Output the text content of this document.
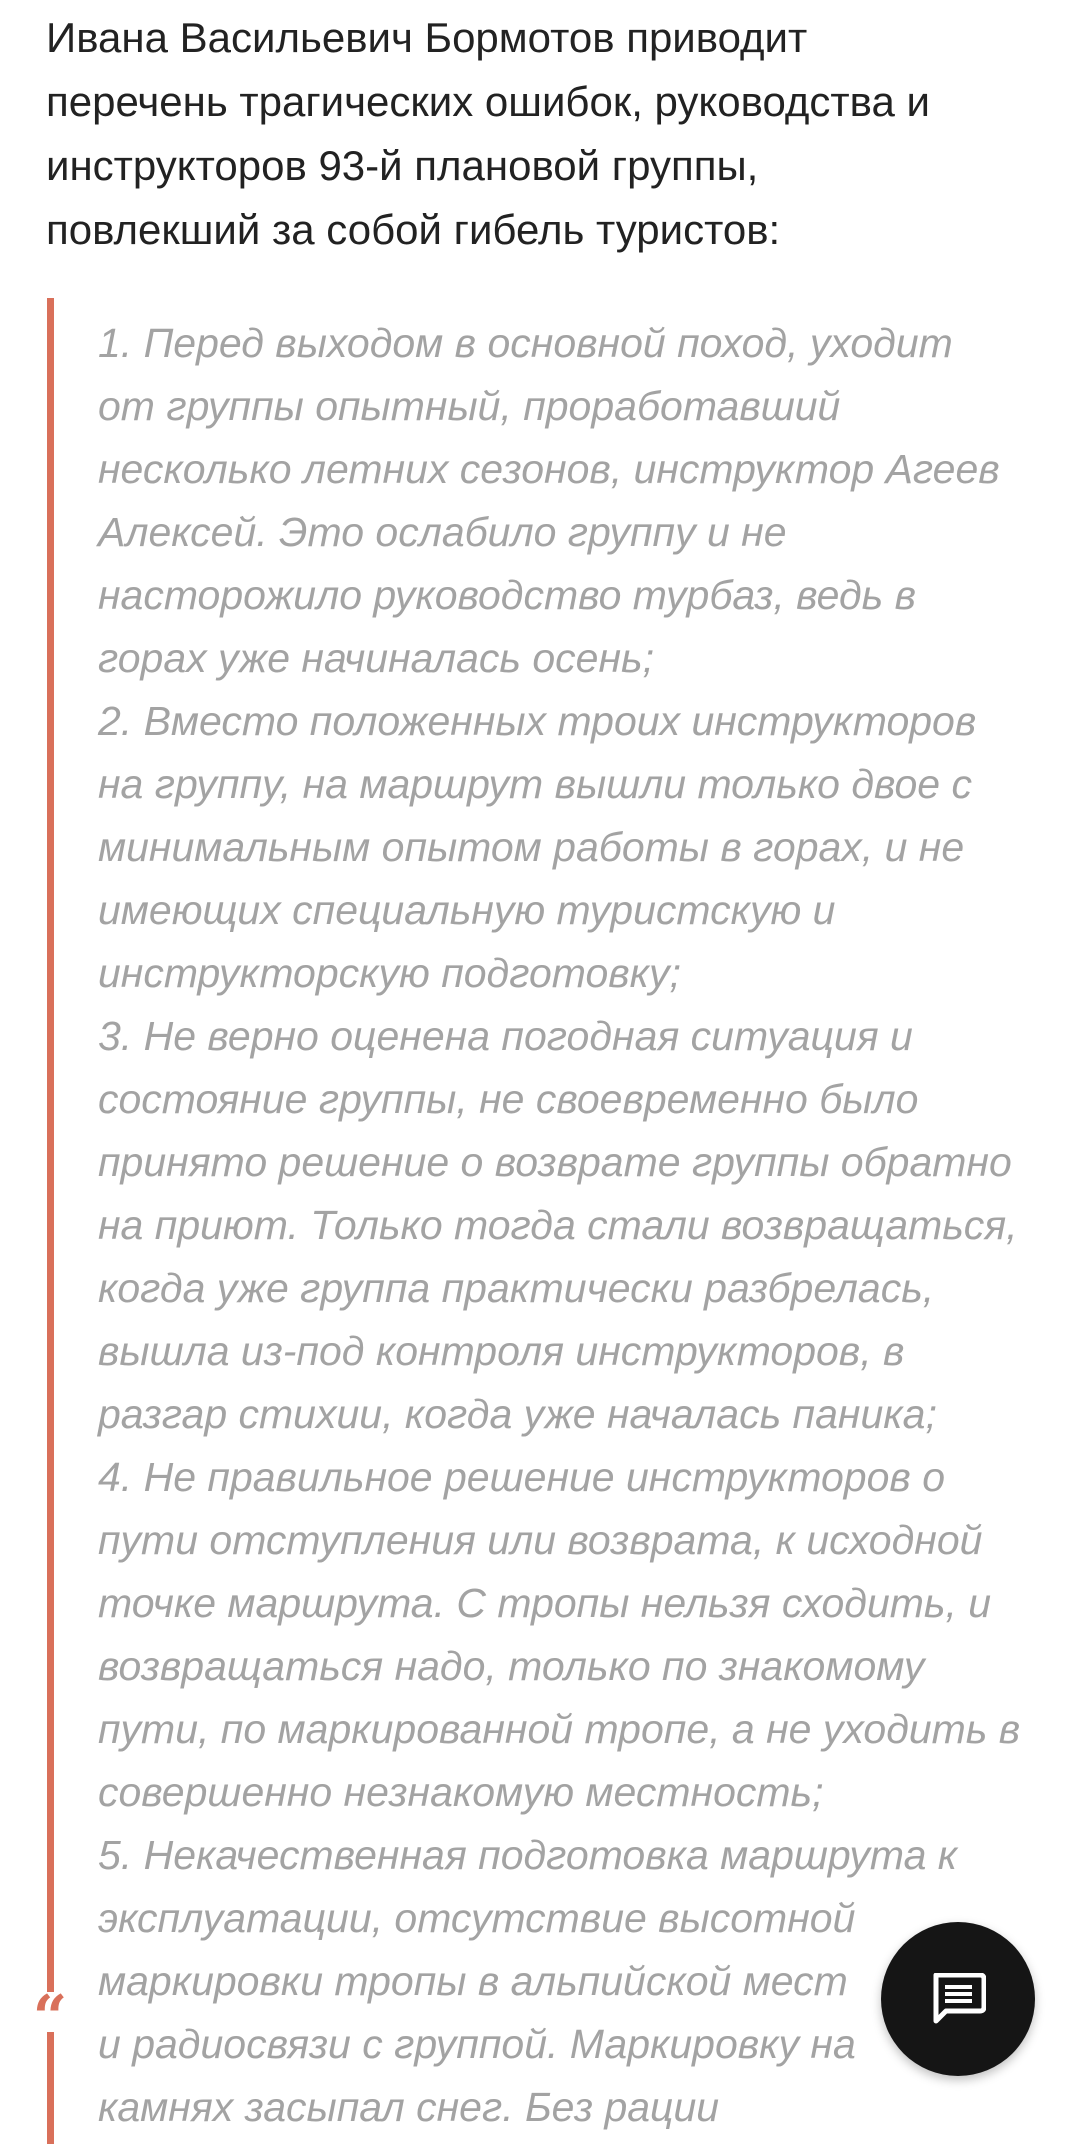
Ивана Васильевич Бормотов приводит
перечень трагических ошибок, руководства и
инструкторов 93-й плановой группы,
повлекший за собой гибель туристов:
1. Перед выходом в основной поход, уходит
от группы опытный, проработавший
несколько летних сезонов, инструктор Агеев
Алексей. Это ослабило группу и не
насторожило руководство турбаз, ведь в
горах уже начиналась осень;
2. Вместо положенных троих инструкторов
на группу, на маршрут вышли только двое с
минимальным опытом работы в горах, и не
имеющих специальную туристскую и
инструкторскую подготовку;
3. Не верно оценена погодная ситуация и
состояние группы, не своевременно было
принято решение о возврате группы обратно
на приют. Только тогда стали возвращаться,
когда уже группа практически разбрелась,
вышла из-под контроля инструкторов, в
разгар стихии, когда уже началась паника;
4. Не правильное решение инструкторов о
пути отступления или возврата, к исходной
точке маршрута. С тропы нельзя сходить, и
возвращаться надо, только по знакомому
пути, по маркированной тропе, а не уходить в
совершенно незнакомую местность;
5. Некачественная подготовка маршрута к
эксплуатации, отсутствие высотной
маркировки тропы в альпийской мест
и радиосвязи с группой. Маркировку на
камнях засыпал снег. Без рации
“
